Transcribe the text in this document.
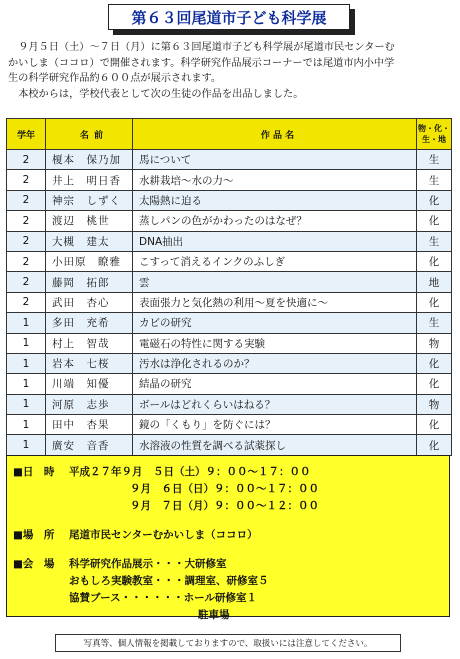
第６３回尾道市子ども科学展

９月５日（土）～７日（月）に第６３回尾道市子ども科学展が尾道市民センターむ

かいしま（ココロ）で開催されます。科学研究作品展示コーナーでは尾道市内小中学

生の科学研究作品約６００点が展示されます。

本校からは，学校代表として次の生徒の作品を出品しました。

学年	名 前	作 品 名	物・化・生・地
2	榎本　保乃加	馬について	生
2	井上　明日香	水耕栽培～水の力～	生
2	神宗　しずく	太陽熱に迫る	化
2	渡辺　桃世	蒸しパンの色がかわったのはなぜ？	化
2	大槻　建太	DNA抽出	生
2	小田原　瞭雅	こすって消えるインクのふしぎ	化
2	藤岡　拓郎	雲	地
2	武田　杏心	表面張力と気化熱の利用～夏を快適に～	化
1	多田　充希	カビの研究	生
1	村上　智哉	電磁石の特性に関する実験	物
1	岩本　七桜	汚水は浄化されるのか？	化
1	川端　知優	結晶の研究	化
1	河原　志歩	ボールはどれくらいはねる？	物
1	田中　杏果	鏡の「くもり」を防ぐには？	化
1	廣安　音香	水溶液の性質を調べる試薬探し	化
■日　時 平成２７年９月　５日（土）９：００～１７：００
９月　６日（日）９：００～１７：００
９月　７日（月）９：００～１２：００
■場　所 尾道市民センターむかいしま（ココロ）
■会　場 科学研究作品展示・・・大研修室
おもしろ実験教室・・・調理室、研修室５
協賛ブース・・・・・・ホール研修室１
駐車場
写真等、個人情報を掲載しておりますので、取扱いには注意してください。
